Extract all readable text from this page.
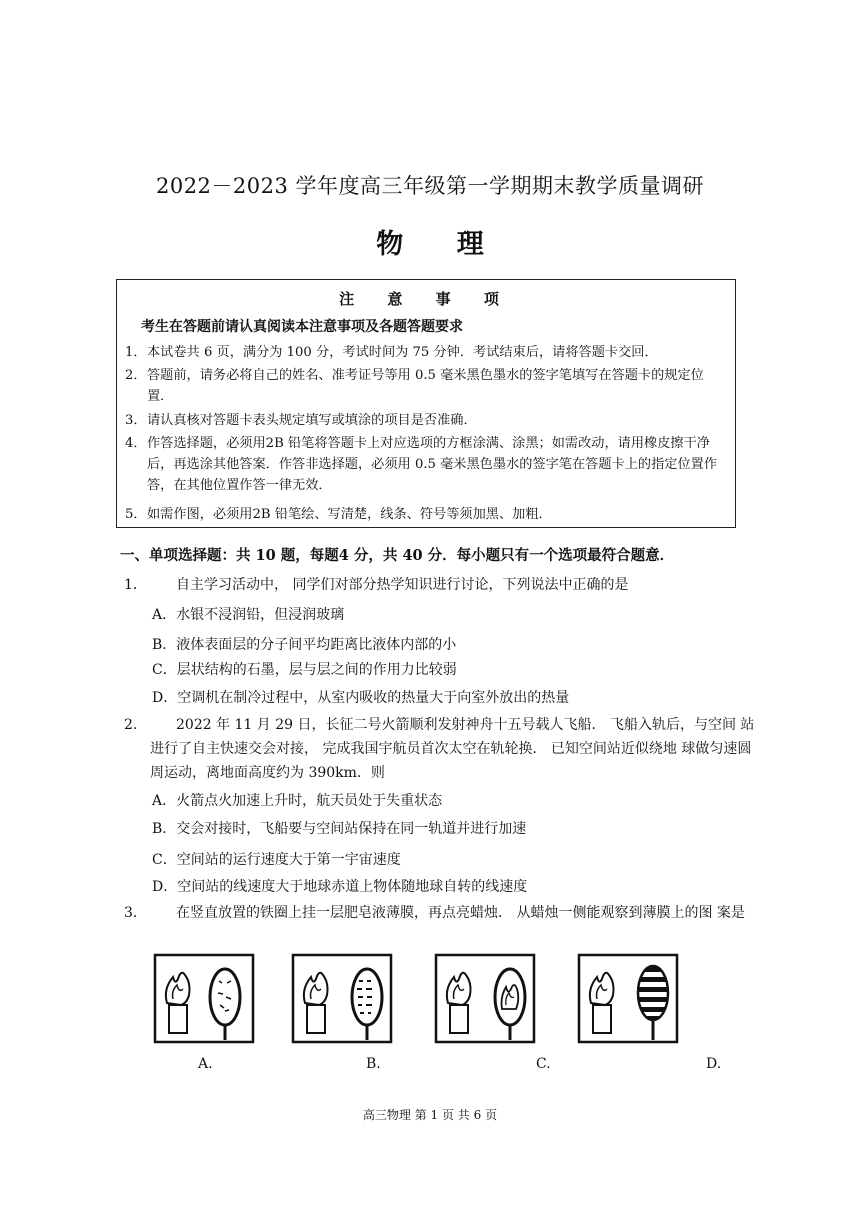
2022－2023 学年度高三年级第一学期期末教学质量调研
物 理
注 意 事 项
考生在答题前请认真阅读本注意事项及各题答题要求
1． 本试卷共 6 页，满分为 100 分，考试时间为 75 分钟．考试结束后，请将答题卡交回．
2． 答题前，请务必将自己的姓名、准考证号等用 0.5 毫米黑色墨水的签字笔填写在答题卡的规定位置．
3． 请认真核对答题卡表头规定填写或填涂的项目是否准确．
4． 作答选择题，必须用2B 铅笔将答题卡上对应选项的方框涂满、涂黑；如需改动，请用橡皮擦干净后，再选涂其他答案．作答非选择题，必须用 0.5 毫米黑色墨水的签字笔在答题卡上的指定位置作答，在其他位置作答一律无效．
5． 如需作图，必须用2B 铅笔绘、写清楚，线条、符号等须加黑、加粗．
一、单项选择题：共 10 题，每题4 分，共 40 分．每小题只有一个选项最符合题意．
1．	自主学习活动中， 同学们对部分热学知识进行讨论，下列说法中正确的是
A．水银不浸润铅，但浸润玻璃
B．液体表面层的分子间平均距离比液体内部的小
C．层状结构的石墨，层与层之间的作用力比较弱
D．空调机在制冷过程中，从室内吸收的热量大于向室外放出的热量
2．	2022 年 11 月 29 日，长征二号火箭顺利发射神舟十五号载人飞船． 飞船入轨后，与空间 站进行了自主快速交会对接， 完成我国宇航员首次太空在轨轮换． 已知空间站近似绕地 球做匀速圆周运动，离地面高度约为 390km．则
A．火箭点火加速上升时，航天员处于失重状态
B．交会对接时，飞船要与空间站保持在同一轨道并进行加速
C．空间站的运行速度大于第一宇宙速度
D．空间站的线速度大于地球赤道上物体随地球自转的线速度
3．	在竖直放置的铁圈上挂一层肥皂液薄膜，再点亮蜡烛． 从蜡烛一侧能观察到薄膜上的图 案是
A.	B.	C.	D.
高三物理 第 1 页 共 6 页
